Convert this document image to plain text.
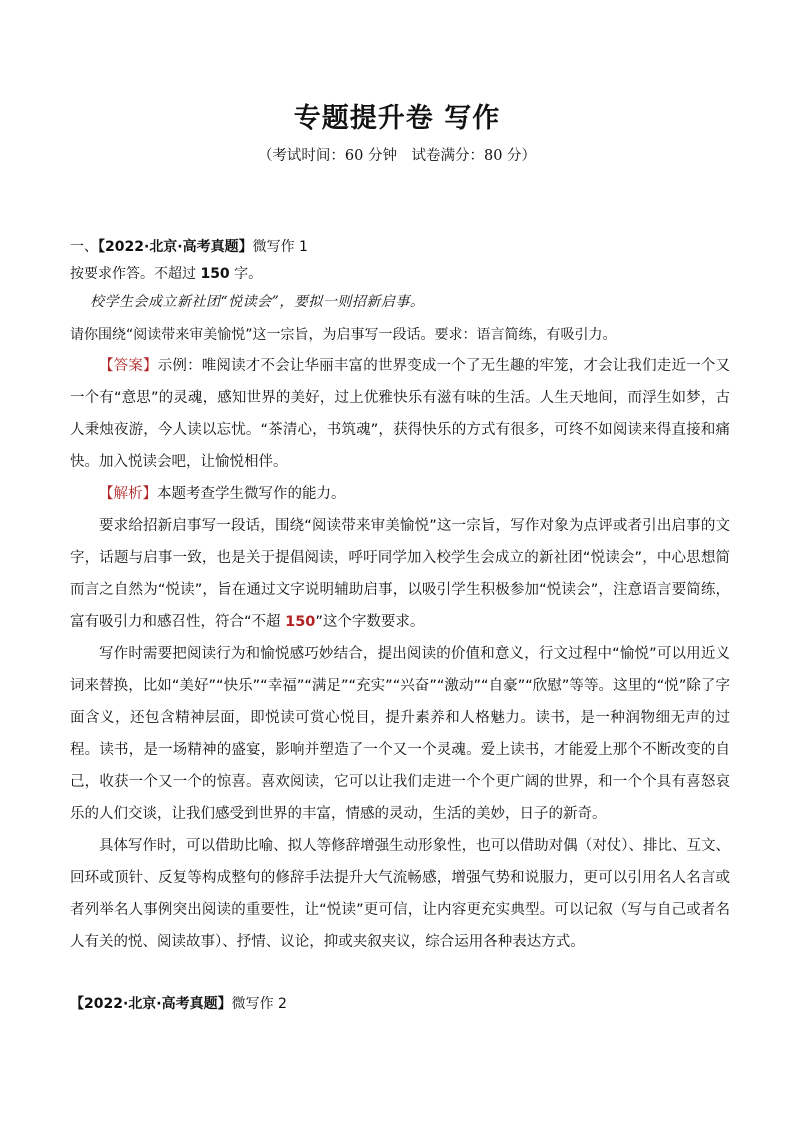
专题提升卷 写作
（考试时间：60 分钟　试卷满分：80 分）
一、【2022·北京·高考真题】微写作 1
按要求作答。不超过 150 字。
校学生会成立新社团“悦读会”，要拟一则招新启事。
请你围绕“阅读带来审美愉悦”这一宗旨，为启事写一段话。要求：语言简练，有吸引力。

【答案】示例：唯阅读才不会让华丽丰富的世界变成一个了无生趣的牢笼，才会让我们走近一个又一个有“意思”的灵魂，感知世界的美好，过上优雅快乐有滋有味的生活。人生天地间，而浮生如梦，古人秉烛夜游，今人读以忘忧。“茶清心，书筑魂”，获得快乐的方式有很多，可终不如阅读来得直接和痛快。加入悦读会吧，让愉悦相伴。

【解析】本题考查学生微写作的能力。

要求给招新启事写一段话，围绕“阅读带来审美愉悦”这一宗旨，写作对象为点评或者引出启事的文字，话题与启事一致，也是关于提倡阅读，呼吁同学加入校学生会成立的新社团“悦读会”，中心思想简而言之自然为“悦读”，旨在通过文字说明辅助启事，以吸引学生积极参加“悦读会”，注意语言要简练，富有吸引力和感召性，符合“不超 150”这个字数要求。

写作时需要把阅读行为和愉悦感巧妙结合，提出阅读的价值和意义，行文过程中“愉悦”可以用近义词来替换，比如“美好”“快乐”“幸福”“满足”“充实”“兴奋”“激动”“自豪”“欣慰”等等。这里的“悦”除了字面含义，还包含精神层面，即悦读可赏心悦目，提升素养和人格魅力。读书，是一种润物细无声的过程。读书，是一场精神的盛宴，影响并塑造了一个又一个灵魂。爱上读书，才能爱上那个不断改变的自己，收获一个又一个的惊喜。喜欢阅读，它可以让我们走进一个个更广阔的世界，和一个个具有喜怒哀乐的人们交谈，让我们感受到世界的丰富，情感的灵动，生活的美妙，日子的新奇。

具体写作时，可以借助比喻、拟人等修辞增强生动形象性，也可以借助对偶（对仗）、排比、互文、回环或顶针、反复等构成整句的修辞手法提升大气流畅感，增强气势和说服力，更可以引用名人名言或者列举名人事例突出阅读的重要性，让“悦读”更可信，让内容更充实典型。可以记叙（写与自己或者名人有关的悦、阅读故事）、抒情、议论，抑或夹叙夹议，综合运用各种表达方式。

【2022·北京·高考真题】微写作 2
